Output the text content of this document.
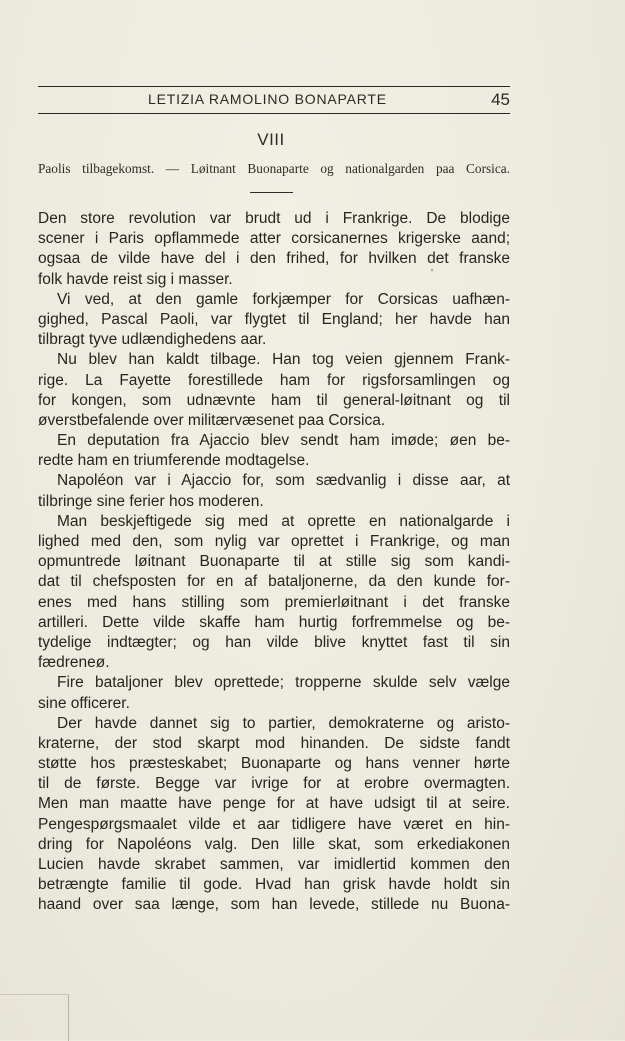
LETIZIA RAMOLINO BONAPARTE	45
VIII
Paolis tilbagekomst. — Løitnant Buonaparte og nationalgarden paa Corsica.
Den store revolution var brudt ud i Frankrige. De blodige
scener i Paris opflammede atter corsicanernes krigerske aand;
ogsaa de vilde have del i den frihed, for hvilken det franske
folk havde reist sig i masser.
Vi ved, at den gamle forkjæmper for Corsicas uafhæn-
gighed, Pascal Paoli, var flygtet til England; her havde han
tilbragt tyve udlændighedens aar.
Nu blev han kaldt tilbage. Han tog veien gjennem Frank-
rige. La Fayette forestillede ham for rigsforsamlingen og
for kongen, som udnævnte ham til general-løitnant og til
øverstbefalende over militærvæsenet paa Corsica.
En deputation fra Ajaccio blev sendt ham imøde; øen be-
redte ham en triumferende modtagelse.
Napoléon var i Ajaccio for, som sædvanlig i disse aar, at
tilbringe sine ferier hos moderen.
Man beskjeftigede sig med at oprette en nationalgarde i
lighed med den, som nylig var oprettet i Frankrige, og man
opmuntrede løitnant Buonaparte til at stille sig som kandi-
dat til chefsposten for en af bataljonerne, da den kunde for-
enes med hans stilling som premierløitnant i det franske
artilleri. Dette vilde skaffe ham hurtig forfremmelse og be-
tydelige indtægter; og han vilde blive knyttet fast til sin
fædreneø.
Fire bataljoner blev oprettede; tropperne skulde selv vælge
sine officerer.
Der havde dannet sig to partier, demokraterne og aristo-
kraterne, der stod skarpt mod hinanden. De sidste fandt
støtte hos præsteskabet; Buonaparte og hans venner hørte
til de første. Begge var ivrige for at erobre overmagten.
Men man maatte have penge for at have udsigt til at seire.
Pengespørgsmaalet vilde et aar tidligere have været en hin-
dring for Napoléons valg. Den lille skat, som erkediakonen
Lucien havde skrabet sammen, var imidlertid kommen den
betrængte familie til gode. Hvad han grisk havde holdt sin
haand over saa længe, som han levede, stillede nu Buona-
